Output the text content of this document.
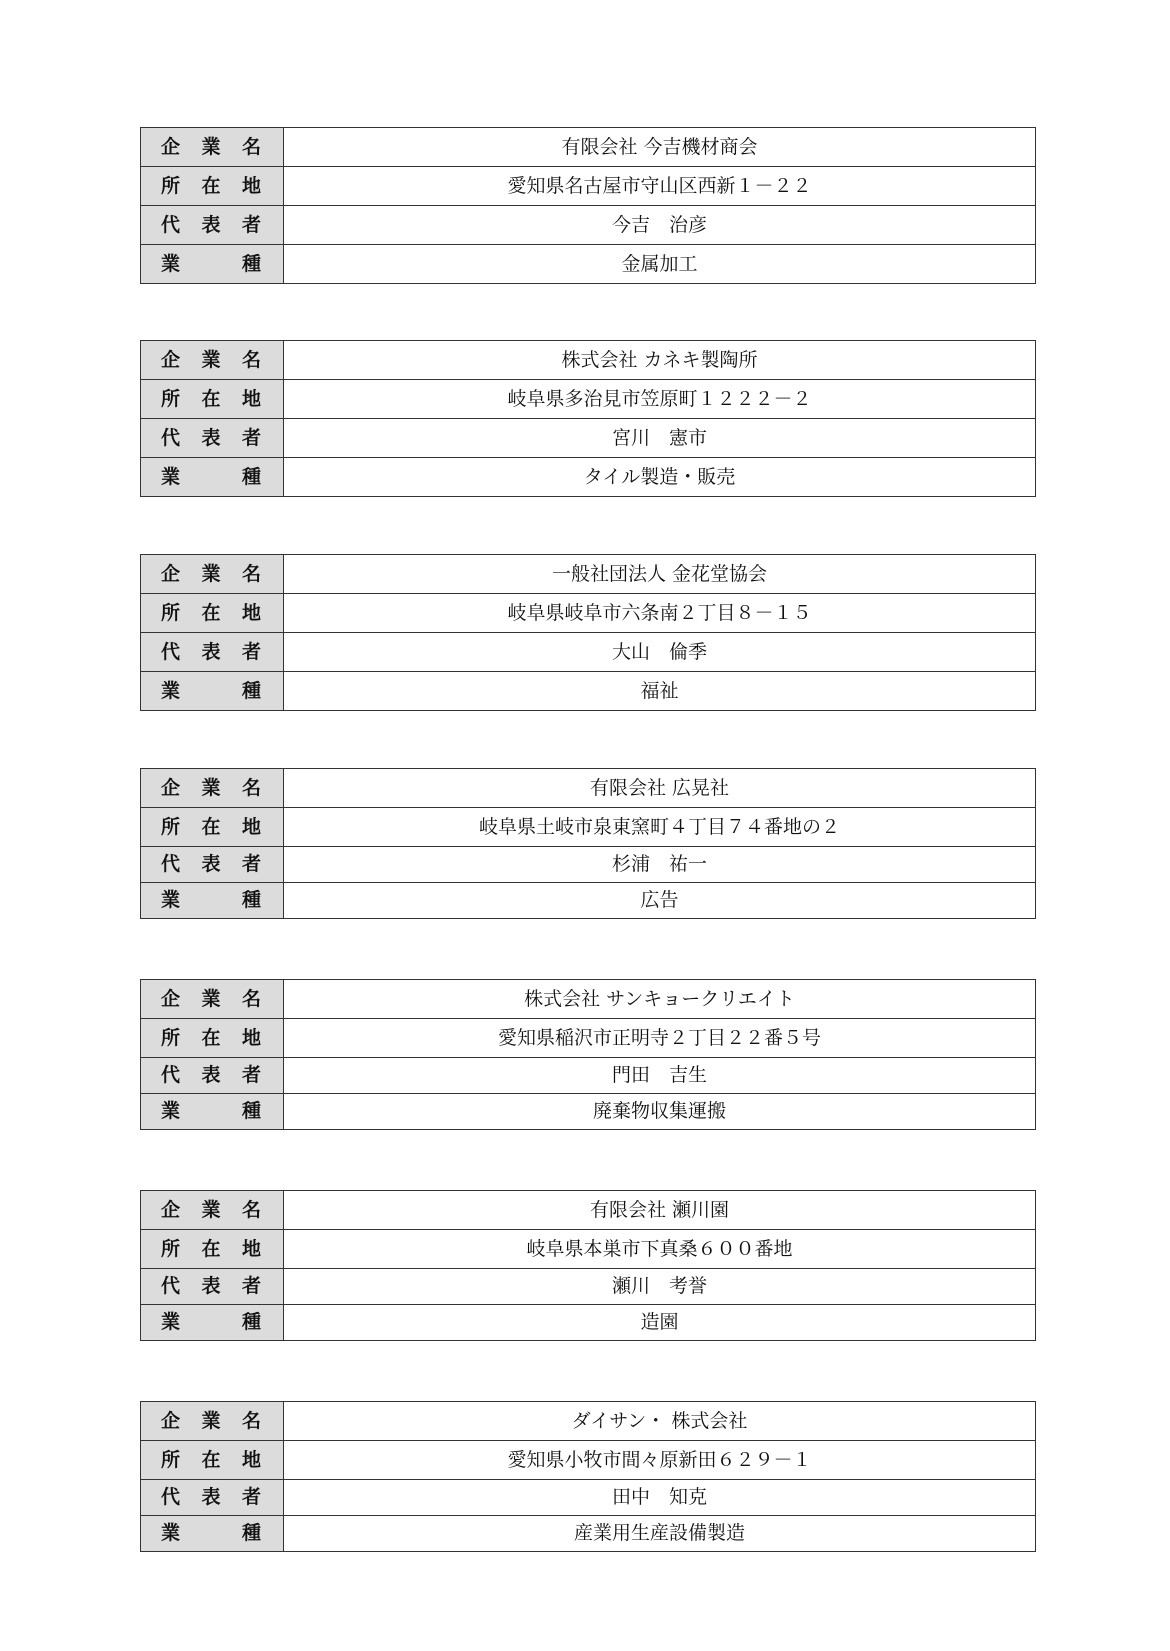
企 業 名	有限会社 今吉機材商会

所 在 地	愛知県名古屋市守山区西新１－２２

代 表 者	今吉　治彦

業 種	金属加工
企 業 名	株式会社 カネキ製陶所

所 在 地	岐阜県多治見市笠原町１２２２－２

代 表 者	宮川　憲市

業 種	タイル製造・販売
企 業 名	一般社団法人 金花堂協会

所 在 地	岐阜県岐阜市六条南２丁目８－１５

代 表 者	大山　倫季

業 種	福祉
企 業 名	有限会社 広晃社

所 在 地	岐阜県土岐市泉東窯町４丁目７４番地の２

代 表 者	杉浦　祐一

業 種	広告
企 業 名	株式会社 サンキョークリエイト

所 在 地	愛知県稲沢市正明寺２丁目２２番５号

代 表 者	門田　吉生

業 種	廃棄物収集運搬
企 業 名	有限会社 瀬川園

所 在 地	岐阜県本巣市下真桑６００番地

代 表 者	瀬川　考誉

業 種	造園
企 業 名	ダイサン・ 株式会社

所 在 地	愛知県小牧市間々原新田６２９－１

代 表 者	田中　知克

業 種	産業用生産設備製造
